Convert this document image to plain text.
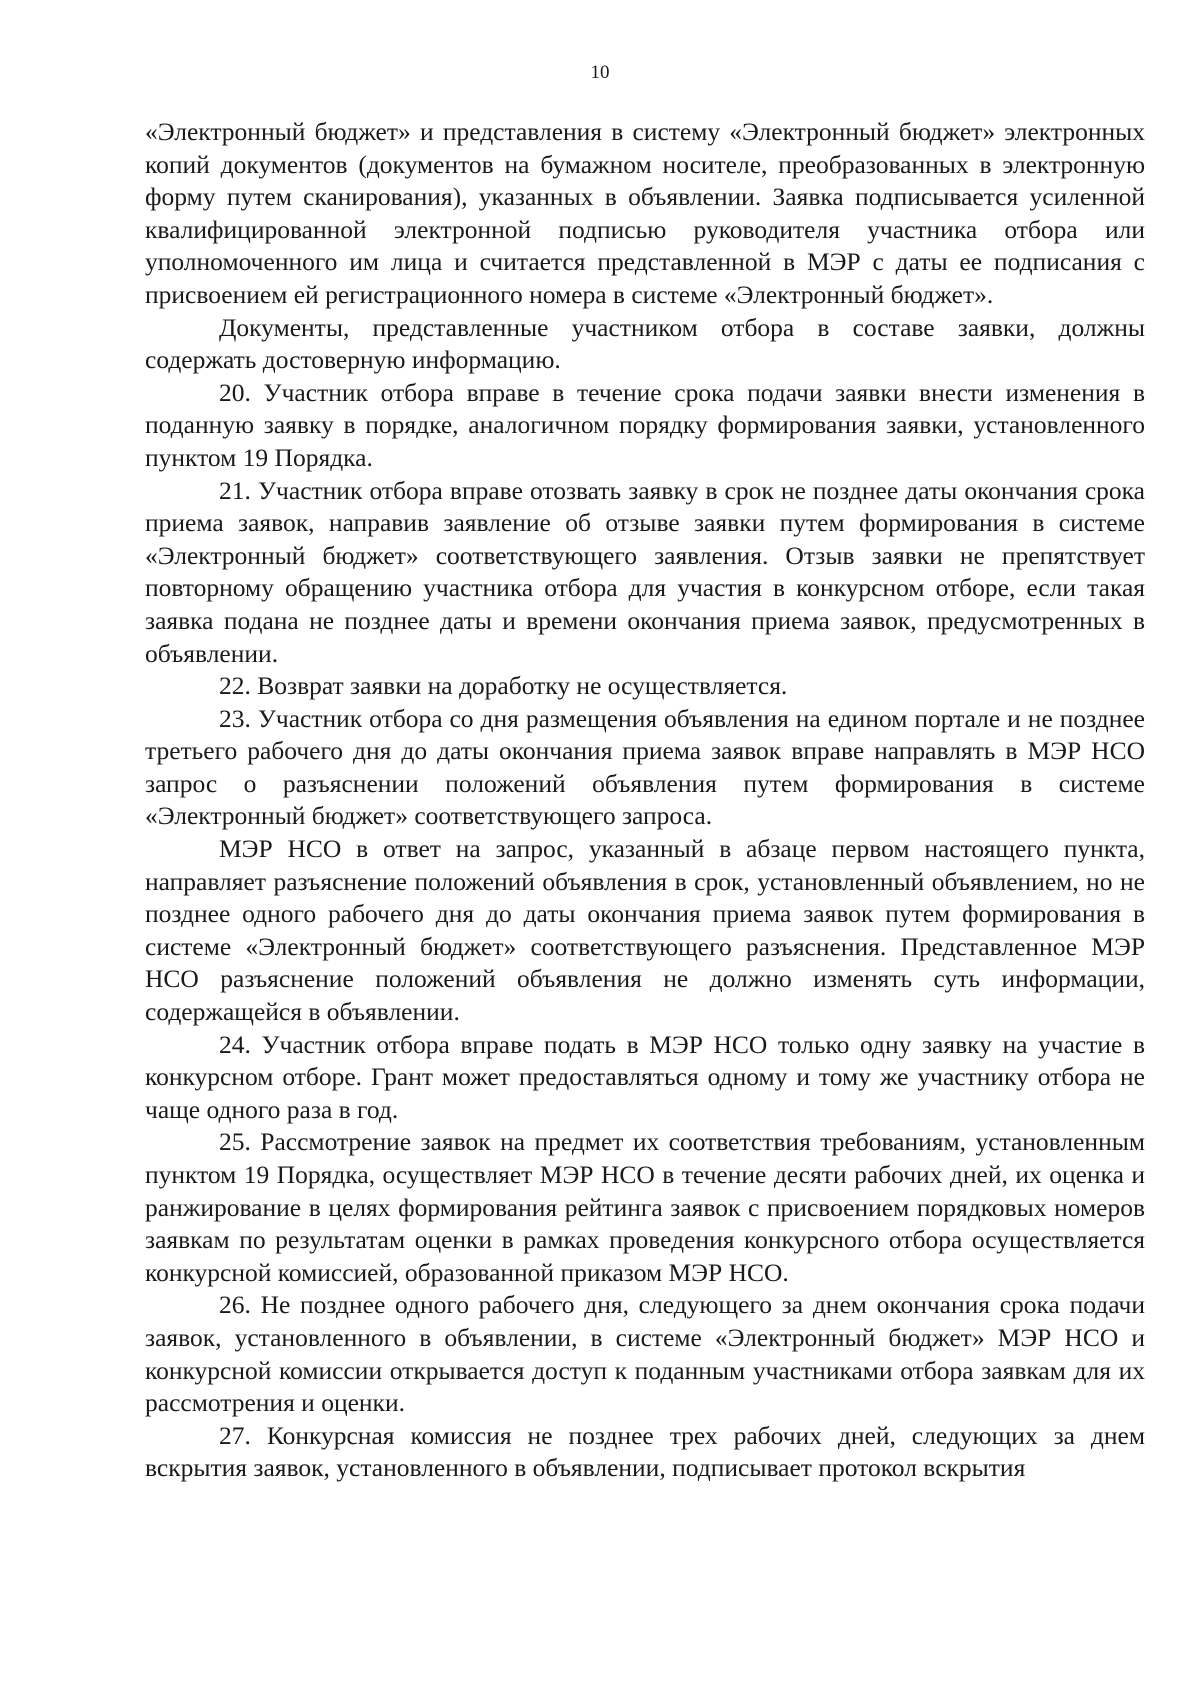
10

«Электронный бюджет» и представления в систему «Электронный бюджет» электронных копий документов (документов на бумажном носителе, преобразованных в электронную форму путем сканирования), указанных в объявлении. Заявка подписывается усиленной квалифицированной электронной подписью руководителя участника отбора или уполномоченного им лица и считается представленной в МЭР с даты ее подписания с присвоением ей регистрационного номера в системе «Электронный бюджет».

Документы, представленные участником отбора в составе заявки, должны содержать достоверную информацию.

20. Участник отбора вправе в течение срока подачи заявки внести изменения в поданную заявку в порядке, аналогичном порядку формирования заявки, установленного пунктом 19 Порядка.

21. Участник отбора вправе отозвать заявку в срок не позднее даты окончания срока приема заявок, направив заявление об отзыве заявки путем формирования в системе «Электронный бюджет» соответствующего заявления. Отзыв заявки не препятствует повторному обращению участника отбора для участия в конкурсном отборе, если такая заявка подана не позднее даты и времени окончания приема заявок, предусмотренных в объявлении.

22. Возврат заявки на доработку не осуществляется.

23. Участник отбора со дня размещения объявления на едином портале и не позднее третьего рабочего дня до даты окончания приема заявок вправе направлять в МЭР НСО запрос о разъяснении положений объявления путем формирования в системе «Электронный бюджет» соответствующего запроса.

МЭР НСО в ответ на запрос, указанный в абзаце первом настоящего пункта, направляет разъяснение положений объявления в срок, установленный объявлением, но не позднее одного рабочего дня до даты окончания приема заявок путем формирования в системе «Электронный бюджет» соответствующего разъяснения. Представленное МЭР НСО разъяснение положений объявления не должно изменять суть информации, содержащейся в объявлении.

24. Участник отбора вправе подать в МЭР НСО только одну заявку на участие в конкурсном отборе. Грант может предоставляться одному и тому же участнику отбора не чаще одного раза в год.

25. Рассмотрение заявок на предмет их соответствия требованиям, установленным пунктом 19 Порядка, осуществляет МЭР НСО в течение десяти рабочих дней, их оценка и ранжирование в целях формирования рейтинга заявок с присвоением порядковых номеров заявкам по результатам оценки в рамках проведения конкурсного отбора осуществляется конкурсной комиссией, образованной приказом МЭР НСО.

26. Не позднее одного рабочего дня, следующего за днем окончания срока подачи заявок, установленного в объявлении, в системе «Электронный бюджет» МЭР НСО и конкурсной комиссии открывается доступ к поданным участниками отбора заявкам для их рассмотрения и оценки.

27. Конкурсная комиссия не позднее трех рабочих дней, следующих за днем вскрытия заявок, установленного в объявлении, подписывает протокол вскрытия
